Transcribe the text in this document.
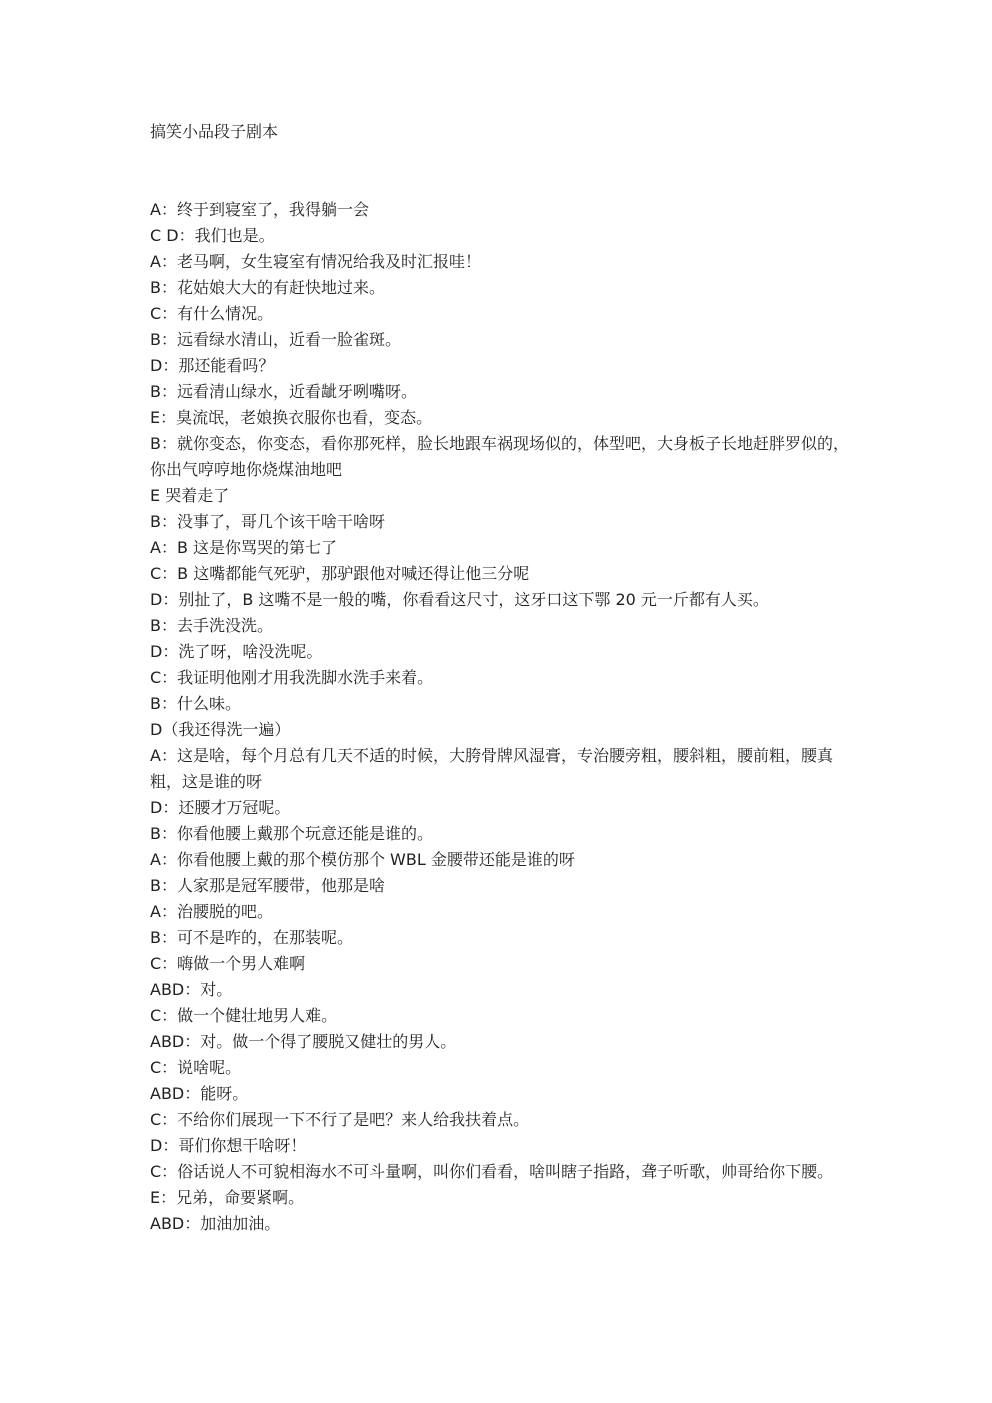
搞笑小品段子剧本
A：终于到寝室了，我得躺一会
C D：我们也是。
A：老马啊，女生寝室有情况给我及时汇报哇！
B：花姑娘大大的有赶快地过来。
C：有什么情况。
B：远看绿水清山，近看一脸雀斑。
D：那还能看吗？
B：远看清山绿水，近看龇牙咧嘴呀。
E：臭流氓，老娘换衣服你也看，变态。
B：就你变态，你变态，看你那死样，脸长地跟车祸现场似的，体型吧，大身板子长地赶胖罗似的，你出气哼哼地你烧煤油地吧
E 哭着走了
B：没事了，哥几个该干啥干啥呀
A：B 这是你骂哭的第七了
C：B 这嘴都能气死驴，那驴跟他对喊还得让他三分呢
D：别扯了，B 这嘴不是一般的嘴，你看看这尺寸，这牙口这下鄂 20 元一斤都有人买。
B：去手洗没洗。
D：洗了呀，啥没洗呢。
C：我证明他刚才用我洗脚水洗手来着。
B：什么味。
D（我还得洗一遍）
A：这是啥，每个月总有几天不适的时候，大胯骨牌风湿膏，专治腰旁粗，腰斜粗，腰前粗，腰真粗，这是谁的呀
D：还腰才万冠呢。
B：你看他腰上戴那个玩意还能是谁的。
A：你看他腰上戴的那个模仿那个 WBL 金腰带还能是谁的呀
B：人家那是冠军腰带，他那是啥
A：治腰脱的吧。
B：可不是咋的，在那装呢。
C：嗨做一个男人难啊
ABD：对。
C：做一个健壮地男人难。
ABD：对。做一个得了腰脱又健壮的男人。
C：说啥呢。
ABD：能呀。
C：不给你们展现一下不行了是吧？来人给我扶着点。
D：哥们你想干啥呀！
C：俗话说人不可貌相海水不可斗量啊，叫你们看看，啥叫瞎子指路，聋子听歌，帅哥给你下腰。
E：兄弟，命要紧啊。
ABD：加油加油。
